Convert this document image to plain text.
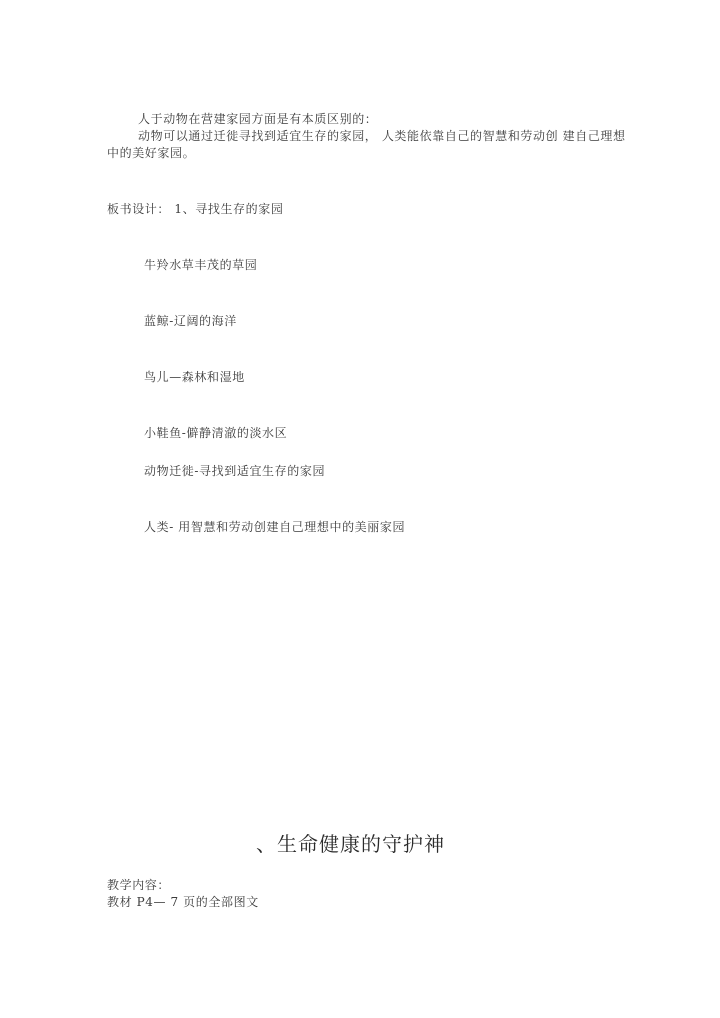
人于动物在营建家园方面是有本质区别的：
动物可以通过迁徙寻找到适宜生存的家园， 人类能依靠自己的智慧和劳动创 建自己理想
中的美好家园。
板书设计： 1、寻找生存的家园
牛羚水草丰茂的草园
蓝鲸-辽阔的海洋
鸟儿—森林和湿地
小鞋鱼-僻静清澈的淡水区
动物迁徙-寻找到适宜生存的家园
人类- 用智慧和劳动创建自己理想中的美丽家园
、生命健康的守护神
教学内容：
教材 P4— 7 页的全部图文
